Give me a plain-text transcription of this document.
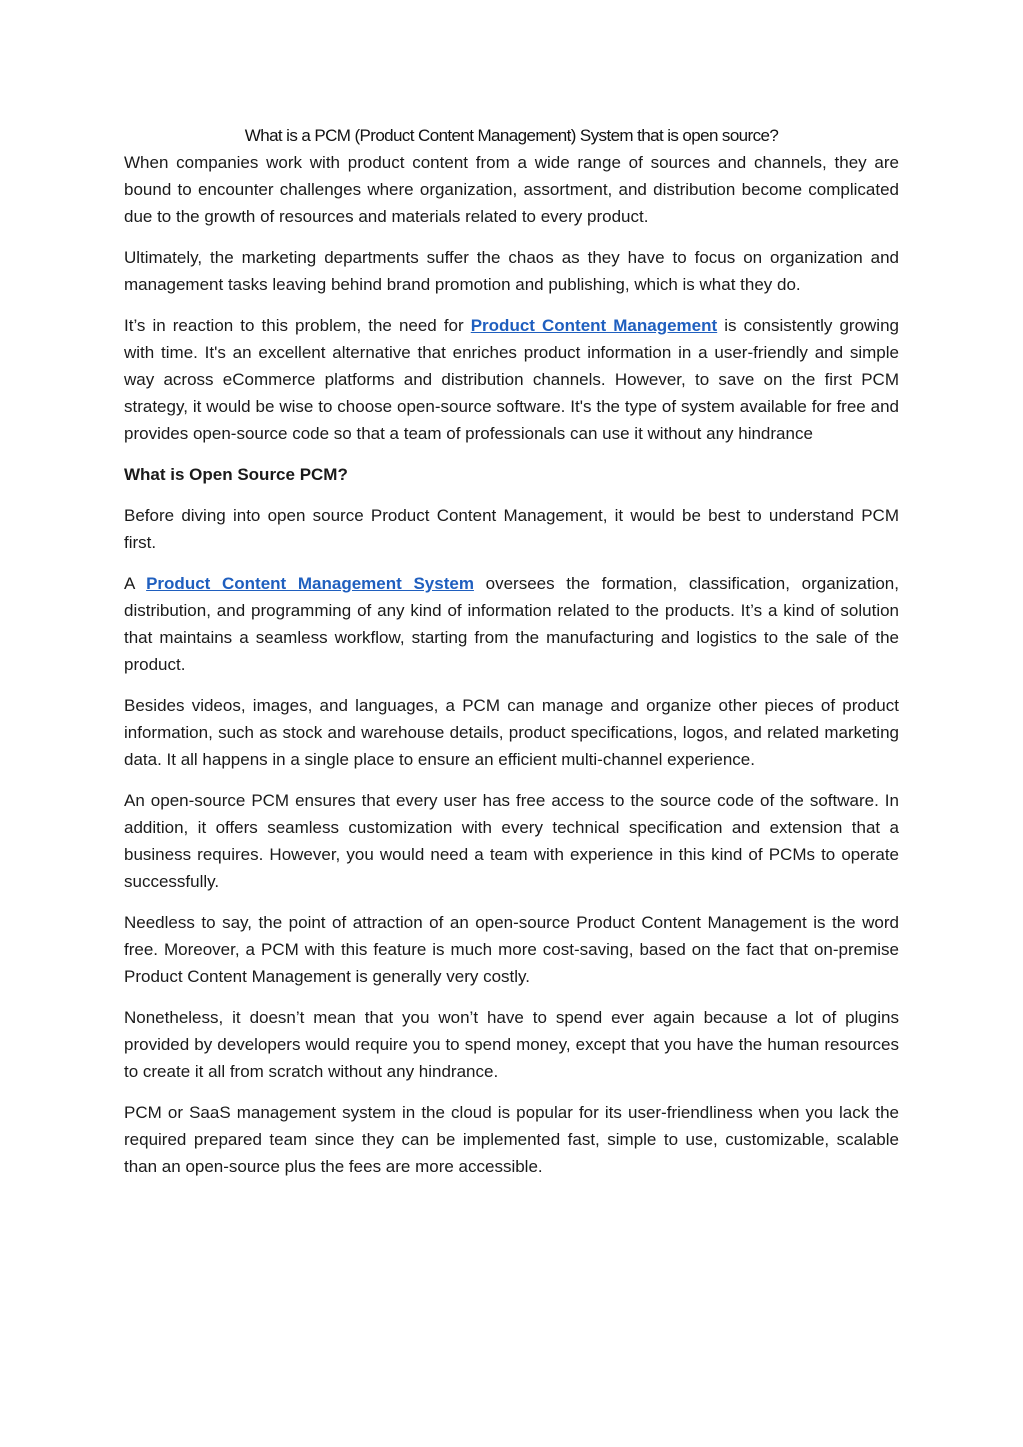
What is a PCM (Product Content Management) System that is open source?

When companies work with product content from a wide range of sources and channels, they are bound to encounter challenges where organization, assortment, and distribution become complicated due to the growth of resources and materials related to every product.

Ultimately, the marketing departments suffer the chaos as they have to focus on organization and management tasks leaving behind brand promotion and publishing, which is what they do.

It’s in reaction to this problem, the need for Product Content Management is consistently growing with time. It's an excellent alternative that enriches product information in a user-friendly and simple way across eCommerce platforms and distribution channels. However, to save on the first PCM strategy, it would be wise to choose open-source software. It's the type of system available for free and provides open-source code so that a team of professionals can use it without any hindrance

What is Open Source PCM?

Before diving into open source Product Content Management, it would be best to understand PCM first.

A Product Content Management System oversees the formation, classification, organization, distribution, and programming of any kind of information related to the products. It’s a kind of solution that maintains a seamless workflow, starting from the manufacturing and logistics to the sale of the product.

Besides videos, images, and languages, a PCM can manage and organize other pieces of product information, such as stock and warehouse details, product specifications, logos, and related marketing data. It all happens in a single place to ensure an efficient multi-channel experience.

An open-source PCM ensures that every user has free access to the source code of the software. In addition, it offers seamless customization with every technical specification and extension that a business requires. However, you would need a team with experience in this kind of PCMs to operate successfully.

Needless to say, the point of attraction of an open-source Product Content Management is the word free. Moreover, a PCM with this feature is much more cost-saving, based on the fact that on-premise Product Content Management is generally very costly.

Nonetheless, it doesn’t mean that you won’t have to spend ever again because a lot of plugins provided by developers would require you to spend money, except that you have the human resources to create it all from scratch without any hindrance.

PCM or SaaS management system in the cloud is popular for its user-friendliness when you lack the required prepared team since they can be implemented fast, simple to use, customizable, scalable than an open-source plus the fees are more accessible.
